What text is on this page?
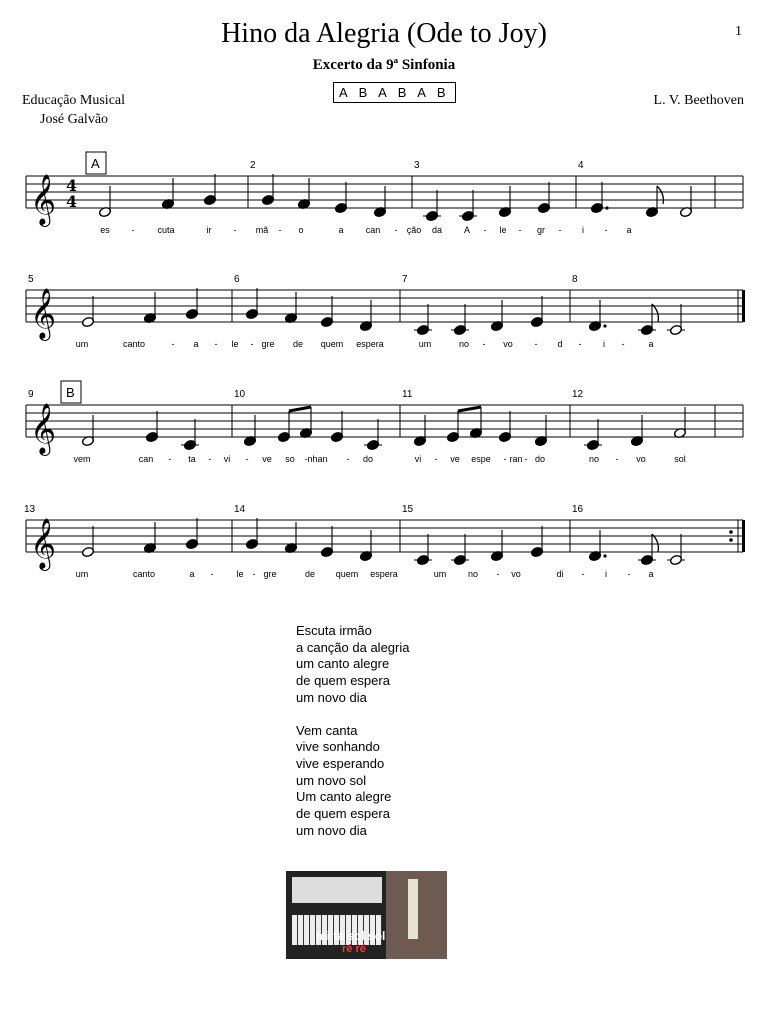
Hino da Alegria (Ode to Joy)
Excerto da 9ª Sinfonia
1
A B A B A B
Educação Musical
José Galvão
L. V. Beethoven
𝄞 4
4
2	3	4
A
es -	cuta	ir - mã - o	a can - ção da A - le - gr - i - a
𝄞
5	6	7	8
um	canto	- a - le - gre de quem espera	um	no - vo - d - i -	a
𝄞
9	10	11	12
B
vem	can - ta - vi - ve so -nhan - do	vi - ve espe - ran - do	no - vo	sol
𝄞
13	14	15	16
um	canto	a -	le - gre	de quem espera	um no - vo	di - i - a
Escuta irmão
a canção da alegria
um canto alegre
de quem espera
um novo dia
Vem canta
vive sonhando
vive esperando
um novo sol
Um canto alegre
de quem espera
um novo dia
mi fá sol sol
ré ré
